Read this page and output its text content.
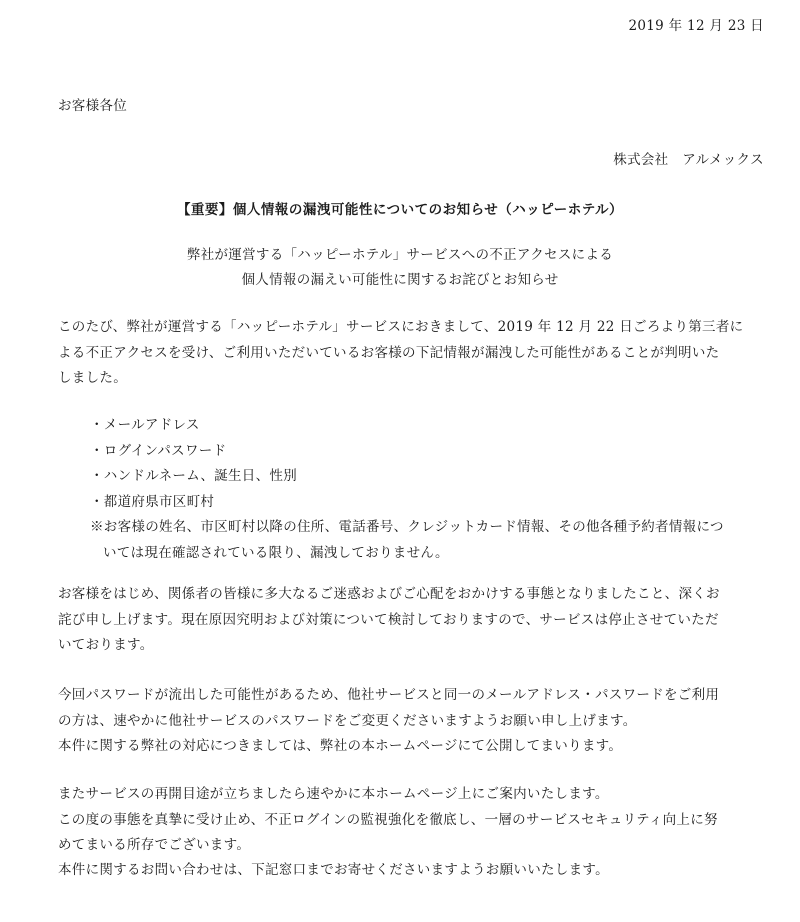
2019 年 12 月 23 日
お客様各位
株式会社　アルメックス
【重要】個人情報の漏洩可能性についてのお知らせ（ハッピーホテル）
弊社が運営する「ハッピーホテル」サービスへの不正アクセスによる
個人情報の漏えい可能性に関するお詫びとお知らせ
このたび、弊社が運営する「ハッピーホテル」サービスにおきまして、2019 年 12 月 22 日ごろより第三者に
よる不正アクセスを受け、ご利用いただいているお客様の下記情報が漏洩した可能性があることが判明いた
しました。
・メールアドレス
・ログインパスワード
・ハンドルネーム、誕生日、性別
・都道府県市区町村
※お客様の姓名、市区町村以降の住所、電話番号、クレジットカード情報、その他各種予約者情報につ
いては現在確認されている限り、漏洩しておりません。
お客様をはじめ、関係者の皆様に多大なるご迷惑およびご心配をおかけする事態となりましたこと、深くお
詫び申し上げます。現在原因究明および対策について検討しておりますので、サービスは停止させていただ
いております。
今回パスワードが流出した可能性があるため、他社サービスと同一のメールアドレス・パスワードをご利用
の方は、速やかに他社サービスのパスワードをご変更くださいますようお願い申し上げます。
本件に関する弊社の対応につきましては、弊社の本ホームページにて公開してまいります。
またサービスの再開目途が立ちましたら速やかに本ホームページ上にご案内いたします。
この度の事態を真摯に受け止め、不正ログインの監視強化を徹底し、一層のサービスセキュリティ向上に努
めてまいる所存でございます。
本件に関するお問い合わせは、下記窓口までお寄せくださいますようお願いいたします。
